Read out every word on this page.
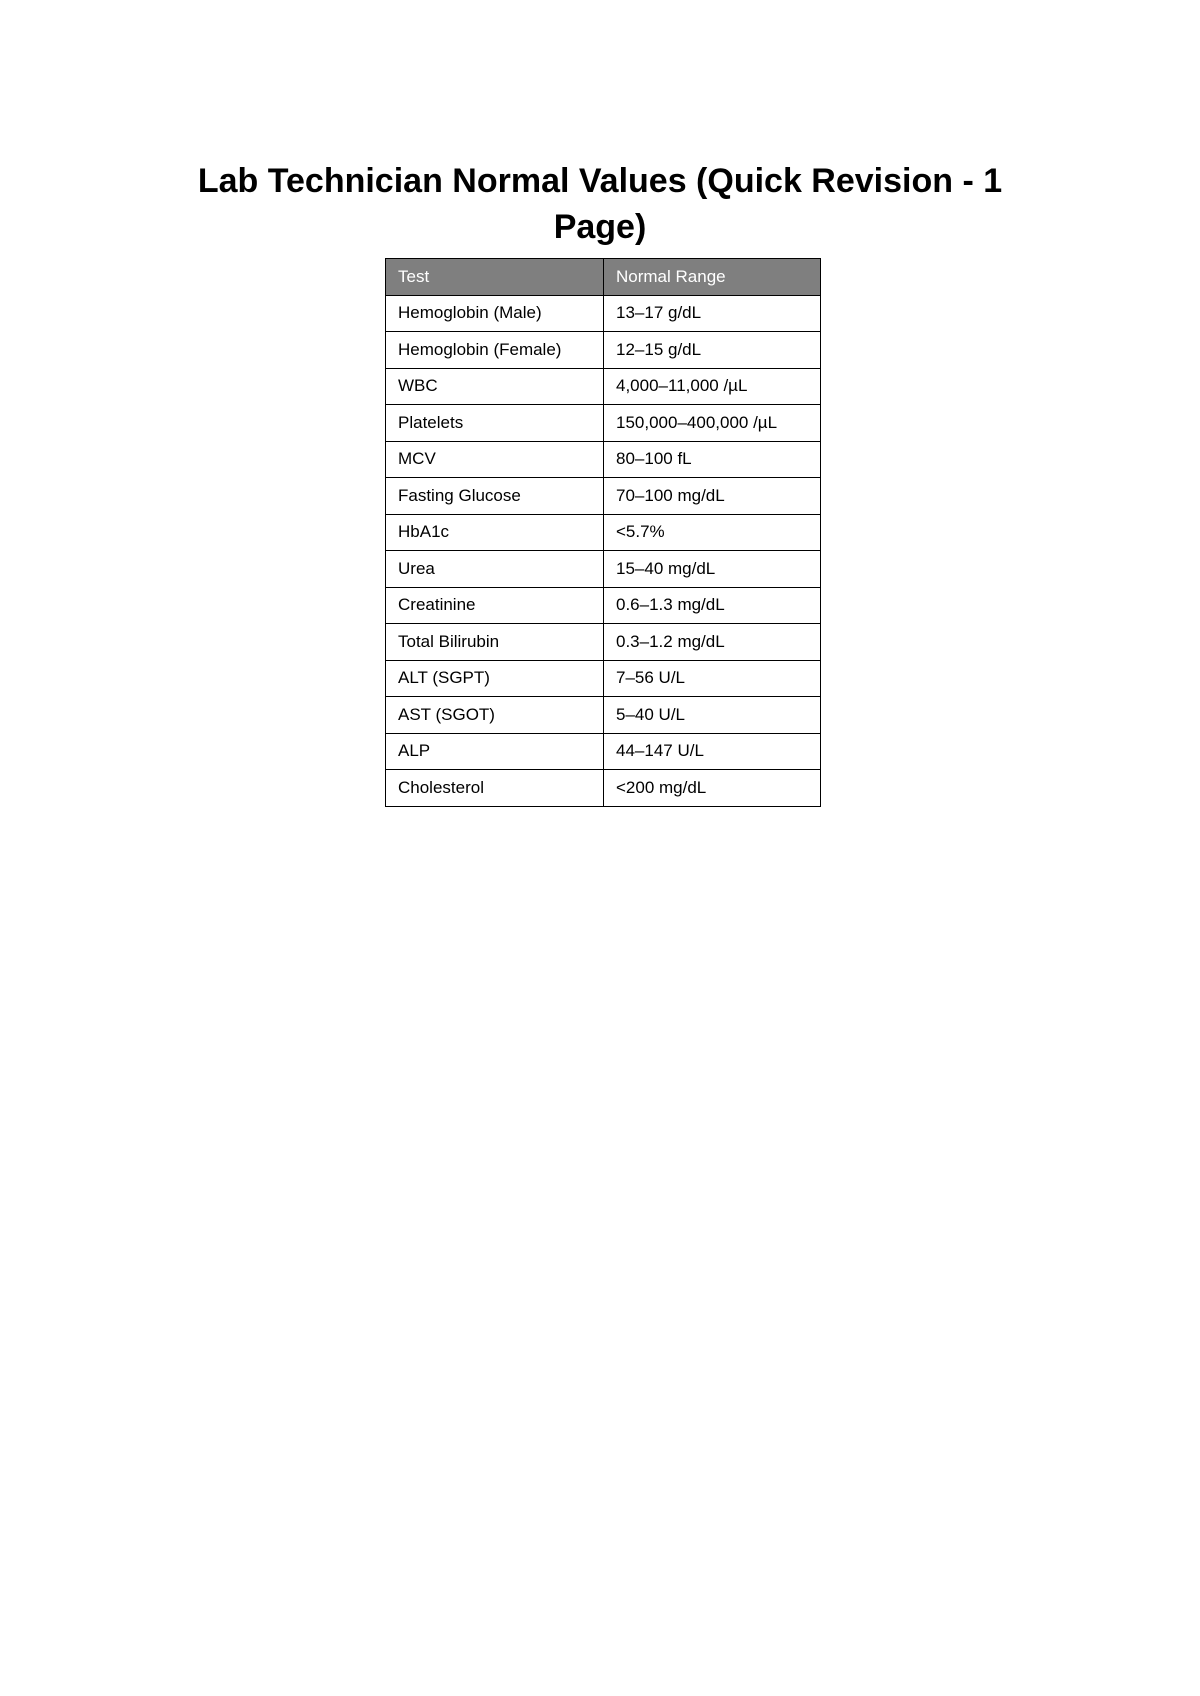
Lab Technician Normal Values (Quick Revision - 1 Page)
Test	Normal Range
Hemoglobin (Male)	13–17 g/dL
Hemoglobin (Female)	12–15 g/dL
WBC	4,000–11,000 /µL
Platelets	150,000–400,000 /µL
MCV	80–100 fL
Fasting Glucose	70–100 mg/dL
HbA1c	<5.7%
Urea	15–40 mg/dL
Creatinine	0.6–1.3 mg/dL
Total Bilirubin	0.3–1.2 mg/dL
ALT (SGPT)	7–56 U/L
AST (SGOT)	5–40 U/L
ALP	44–147 U/L
Cholesterol	<200 mg/dL
